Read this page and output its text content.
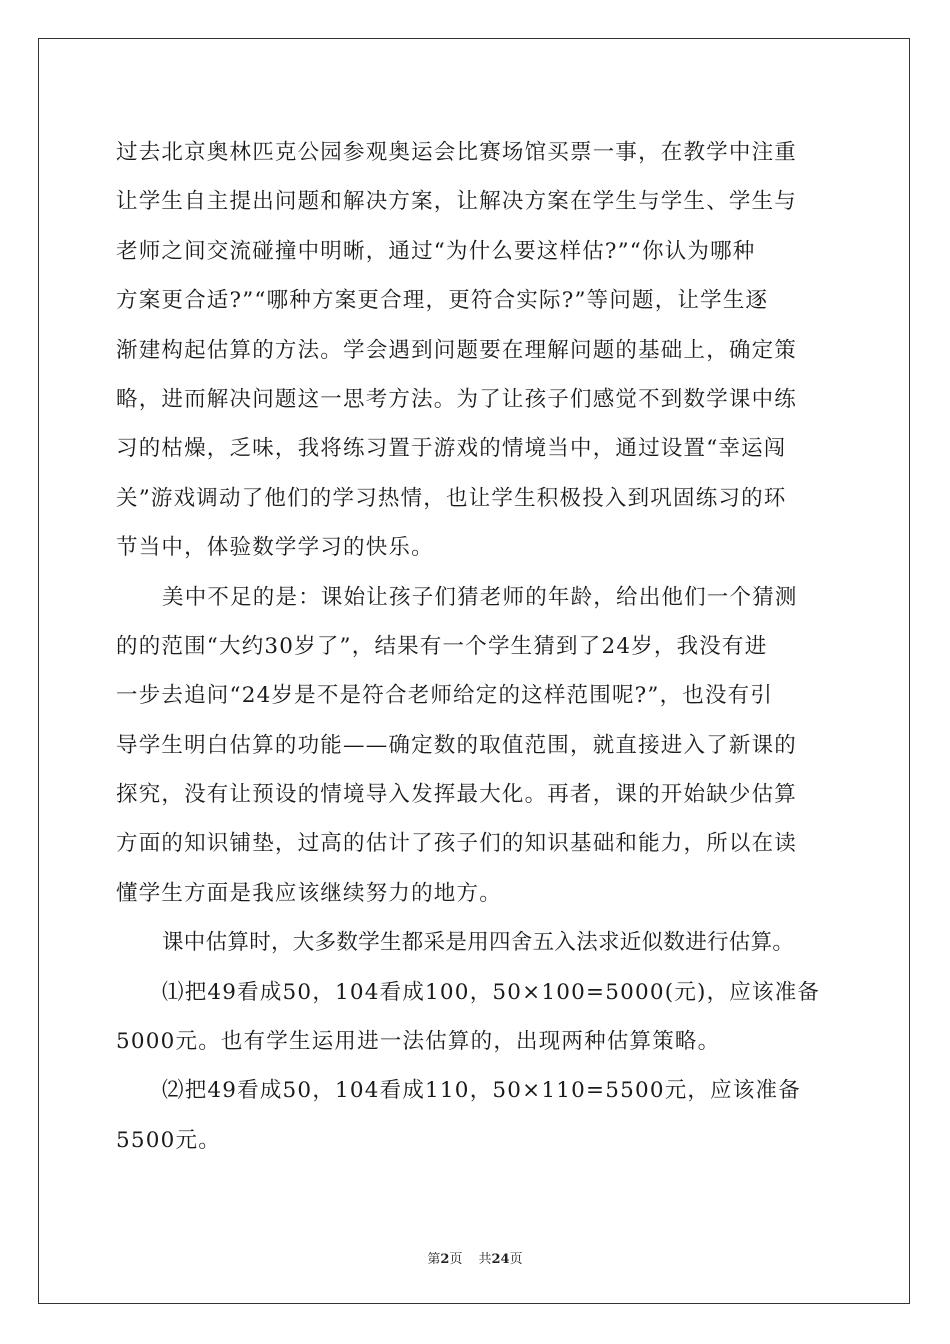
过去北京奥林匹克公园参观奥运会比赛场馆买票一事，在教学中注重
让学生自主提出问题和解决方案，让解决方案在学生与学生、学生与
老师之间交流碰撞中明晰，通过“为什么要这样估?”“你认为哪种
方案更合适?”“哪种方案更合理，更符合实际?”等问题，让学生逐
渐建构起估算的方法。学会遇到问题要在理解问题的基础上，确定策
略，进而解决问题这一思考方法。为了让孩子们感觉不到数学课中练
习的枯燥，乏味，我将练习置于游戏的情境当中，通过设置“幸运闯
关”游戏调动了他们的学习热情，也让学生积极投入到巩固练习的环
节当中，体验数学学习的快乐。
美中不足的是：课始让孩子们猜老师的年龄，给出他们一个猜测
的的范围“大约30岁了”，结果有一个学生猜到了24岁，我没有进
一步去追问“24岁是不是符合老师给定的这样范围呢?”，也没有引
导学生明白估算的功能——确定数的取值范围，就直接进入了新课的
探究，没有让预设的情境导入发挥最大化。再者，课的开始缺少估算
方面的知识铺垫，过高的估计了孩子们的知识基础和能力，所以在读
懂学生方面是我应该继续努力的地方。
课中估算时，大多数学生都采是用四舍五入法求近似数进行估算。
⑴把49看成50，104看成100，50×100=5000(元)，应该准备
5000元。也有学生运用进一法估算的，出现两种估算策略。
⑵把49看成50，104看成110，50×110=5500元，应该准备
5500元。
第2页 共24页
